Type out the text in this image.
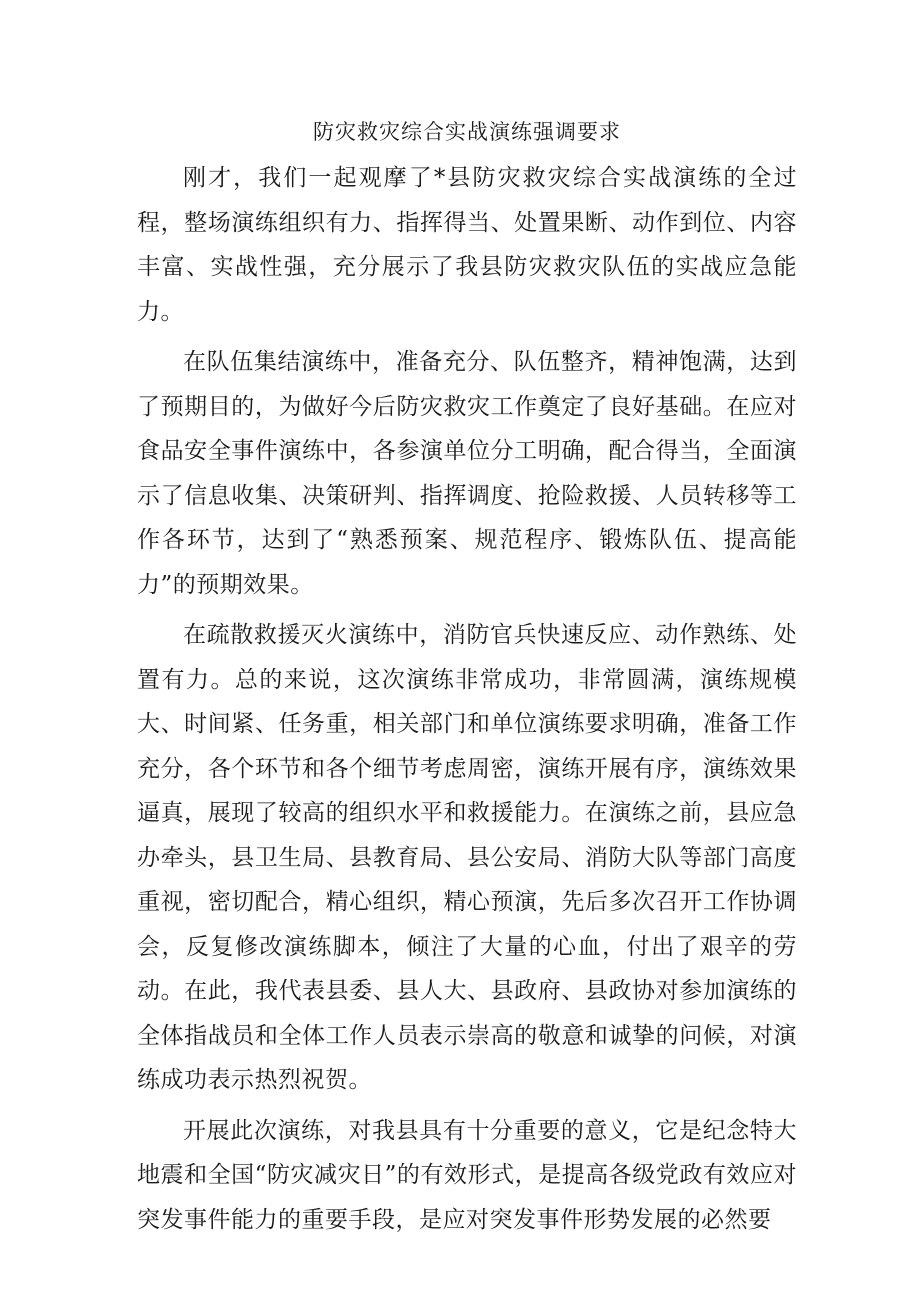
防灾救灾综合实战演练强调要求

刚才，我们一起观摩了*县防灾救灾综合实战演练的全过程，整场演练组织有力、指挥得当、处置果断、动作到位、内容丰富、实战性强，充分展示了我县防灾救灾队伍的实战应急能力。

在队伍集结演练中，准备充分、队伍整齐，精神饱满，达到了预期目的，为做好今后防灾救灾工作奠定了良好基础。在应对食品安全事件演练中，各参演单位分工明确，配合得当，全面演示了信息收集、决策研判、指挥调度、抢险救援、人员转移等工作各环节，达到了“熟悉预案、规范程序、锻炼队伍、提高能力”的预期效果。

在疏散救援灭火演练中，消防官兵快速反应、动作熟练、处置有力。总的来说，这次演练非常成功，非常圆满，演练规模大、时间紧、任务重，相关部门和单位演练要求明确，准备工作充分，各个环节和各个细节考虑周密，演练开展有序，演练效果逼真，展现了较高的组织水平和救援能力。在演练之前，县应急办牵头，县卫生局、县教育局、县公安局、消防大队等部门高度重视，密切配合，精心组织，精心预演，先后多次召开工作协调会，反复修改演练脚本，倾注了大量的心血，付出了艰辛的劳动。在此，我代表县委、县人大、县政府、县政协对参加演练的全体指战员和全体工作人员表示崇高的敬意和诚挚的问候，对演练成功表示热烈祝贺。

开展此次演练，对我县具有十分重要的意义，它是纪念特大地震和全国“防灾减灾日”的有效形式，是提高各级党政有效应对突发事件能力的重要手段，是应对突发事件形势发展的必然要
